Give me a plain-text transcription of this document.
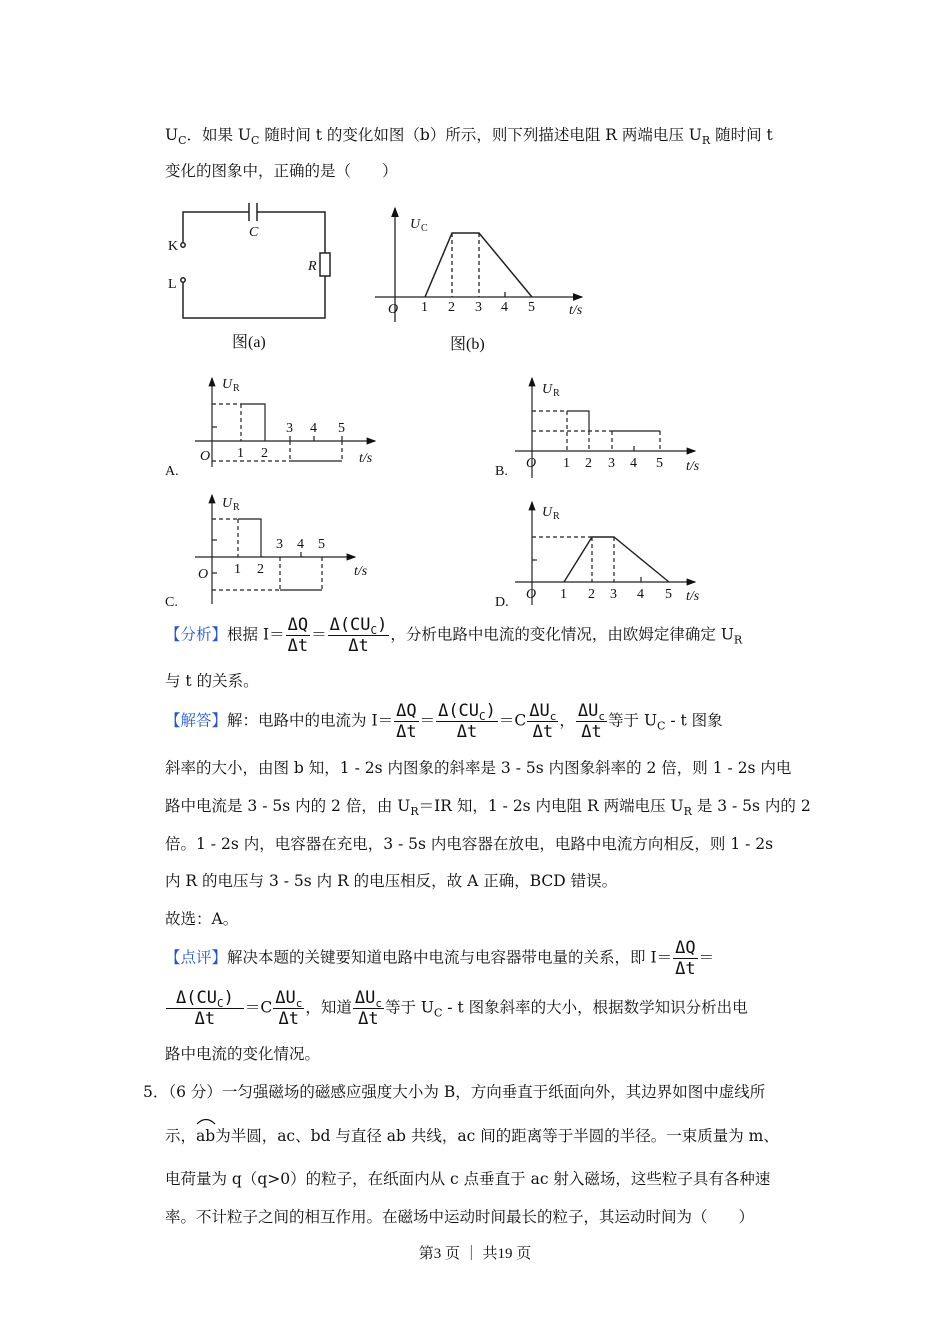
$U_C$．如果 $U_C$ 随时间 t 的变化如图（b）所示，则下列描述电阻 R 两端电压 $U_R$ 随时间 t
变化的图象中，正确的是（　　）
C
R
K
L
图(a)
U C
O 1 2 3 4 5 t/s
图(b)
U R
O 1 2
3 4 5
t/s
A.
U R
O 1 2 3 4 5 t/s
B.
U R
O 1 2
3 4 5
t/s
C.
U R
O 1 2 3 4 5 t/s
D.
【分析】根据 $I= \frac{\Delta Q}{\Delta t} = \frac{\Delta(CU_C)}{\Delta t}$ ，分析电路中电流的变化情况，由欧姆定律确定 $U_R$
与 t 的关系。
【解答】解：电路中的电流为 $I= \frac{\Delta Q}{\Delta t} = \frac{\Delta(CU_C)}{\Delta t} =C \frac{\Delta U_c}{\Delta t}$ ， $\frac{\Delta U_c}{\Delta t}$ 等于 $U_C$ - t 图象
斜率的大小，由图 b 知，1 - 2s 内图象的斜率是 3 - 5s 内图象斜率的 2 倍，则 1 - 2s 内电
路中电流是 3 - 5s 内的 2 倍，由 $U_R=IR$ 知，1 - 2s 内电阻 R 两端电压 $U_R$ 是 3 - 5s 内的 2
倍。1 - 2s 内，电容器在充电，3 - 5s 内电容器在放电，电路中电流方向相反，则 1 - 2s
内 R 的电压与 3 - 5s 内 R 的电压相反，故 A 正确，BCD 错误。
故选：A。
【点评】解决本题的关键要知道电路中电流与电容器带电量的关系，即 $I= \frac{\Delta Q}{\Delta t}$ ＝
$\frac{\Delta(CU_C)}{\Delta t} =C \frac{\Delta U_c}{\Delta t}$ ，知道 $\frac{\Delta U_c}{\Delta t}$ 等于 $U_C$ - t 图象斜率的大小，根据数学知识分析出电
路中电流的变化情况。
5．（6 分）一匀强磁场的磁感应强度大小为 B，方向垂直于纸面向外，其边界如图中虚线所
示，
ab为半圆，ac、bd 与直径 ab 共线，ac 间的距离等于半圆的半径。一束质量为 m、
电荷量为 q（q>0）的粒子，在纸面内从 c 点垂直于 ac 射入磁场，这些粒子具有各种速
率。不计粒子之间的相互作用。在磁场中运动时间最长的粒子，其运动时间为（　　）
第3 页 ｜ 共19 页
